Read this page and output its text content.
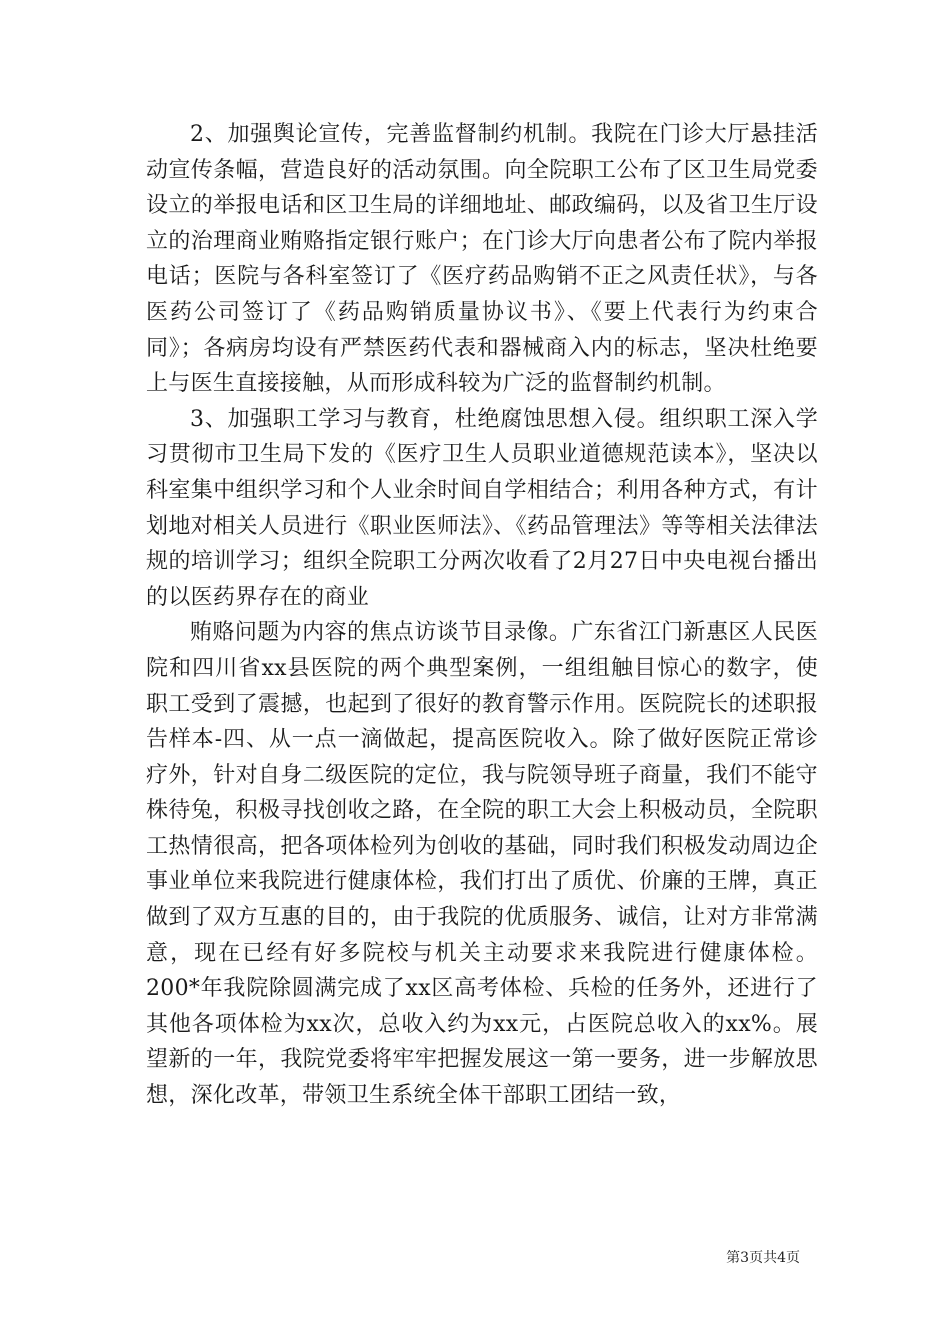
2、加强舆论宣传，完善监督制约机制。我院在门诊大厅悬挂活动宣传条幅，营造良好的活动氛围。向全院职工公布了区卫生局党委设立的举报电话和区卫生局的详细地址、邮政编码，以及省卫生厅设立的治理商业贿赂指定银行账户；在门诊大厅向患者公布了院内举报电话；医院与各科室签订了《医疗药品购销不正之风责任状》，与各医药公司签订了《药品购销质量协议书》、《要上代表行为约束合同》；各病房均设有严禁医药代表和器械商入内的标志，坚决杜绝要上与医生直接接触，从而形成科较为广泛的监督制约机制。

3、加强职工学习与教育，杜绝腐蚀思想入侵。组织职工深入学习贯彻市卫生局下发的《医疗卫生人员职业道德规范读本》，坚决以科室集中组织学习和个人业余时间自学相结合；利用各种方式，有计划地对相关人员进行《职业医师法》、《药品管理法》等等相关法律法规的培训学习；组织全院职工分两次收看了2月27日中央电视台播出的以医药界存在的商业

贿赂问题为内容的焦点访谈节目录像。广东省江门新惠区人民医院和四川省xx县医院的两个典型案例，一组组触目惊心的数字，使职工受到了震撼，也起到了很好的教育警示作用。医院院长的述职报告样本-四、从一点一滴做起，提高医院收入。除了做好医院正常诊疗外，针对自身二级医院的定位，我与院领导班子商量，我们不能守株待兔，积极寻找创收之路，在全院的职工大会上积极动员，全院职工热情很高，把各项体检列为创收的基础，同时我们积极发动周边企事业单位来我院进行健康体检，我们打出了质优、价廉的王牌，真正做到了双方互惠的目的，由于我院的优质服务、诚信，让对方非常满意，现在已经有好多院校与机关主动要求来我院进行健康体检。200*年我院除圆满完成了xx区高考体检、兵检的任务外，还进行了其他各项体检为xx次，总收入约为xx元，占医院总收入的xx%。展望新的一年，我院党委将牢牢把握发展这一第一要务，进一步解放思想，深化改革，带领卫生系统全体干部职工团结一致，

第3页共4页
